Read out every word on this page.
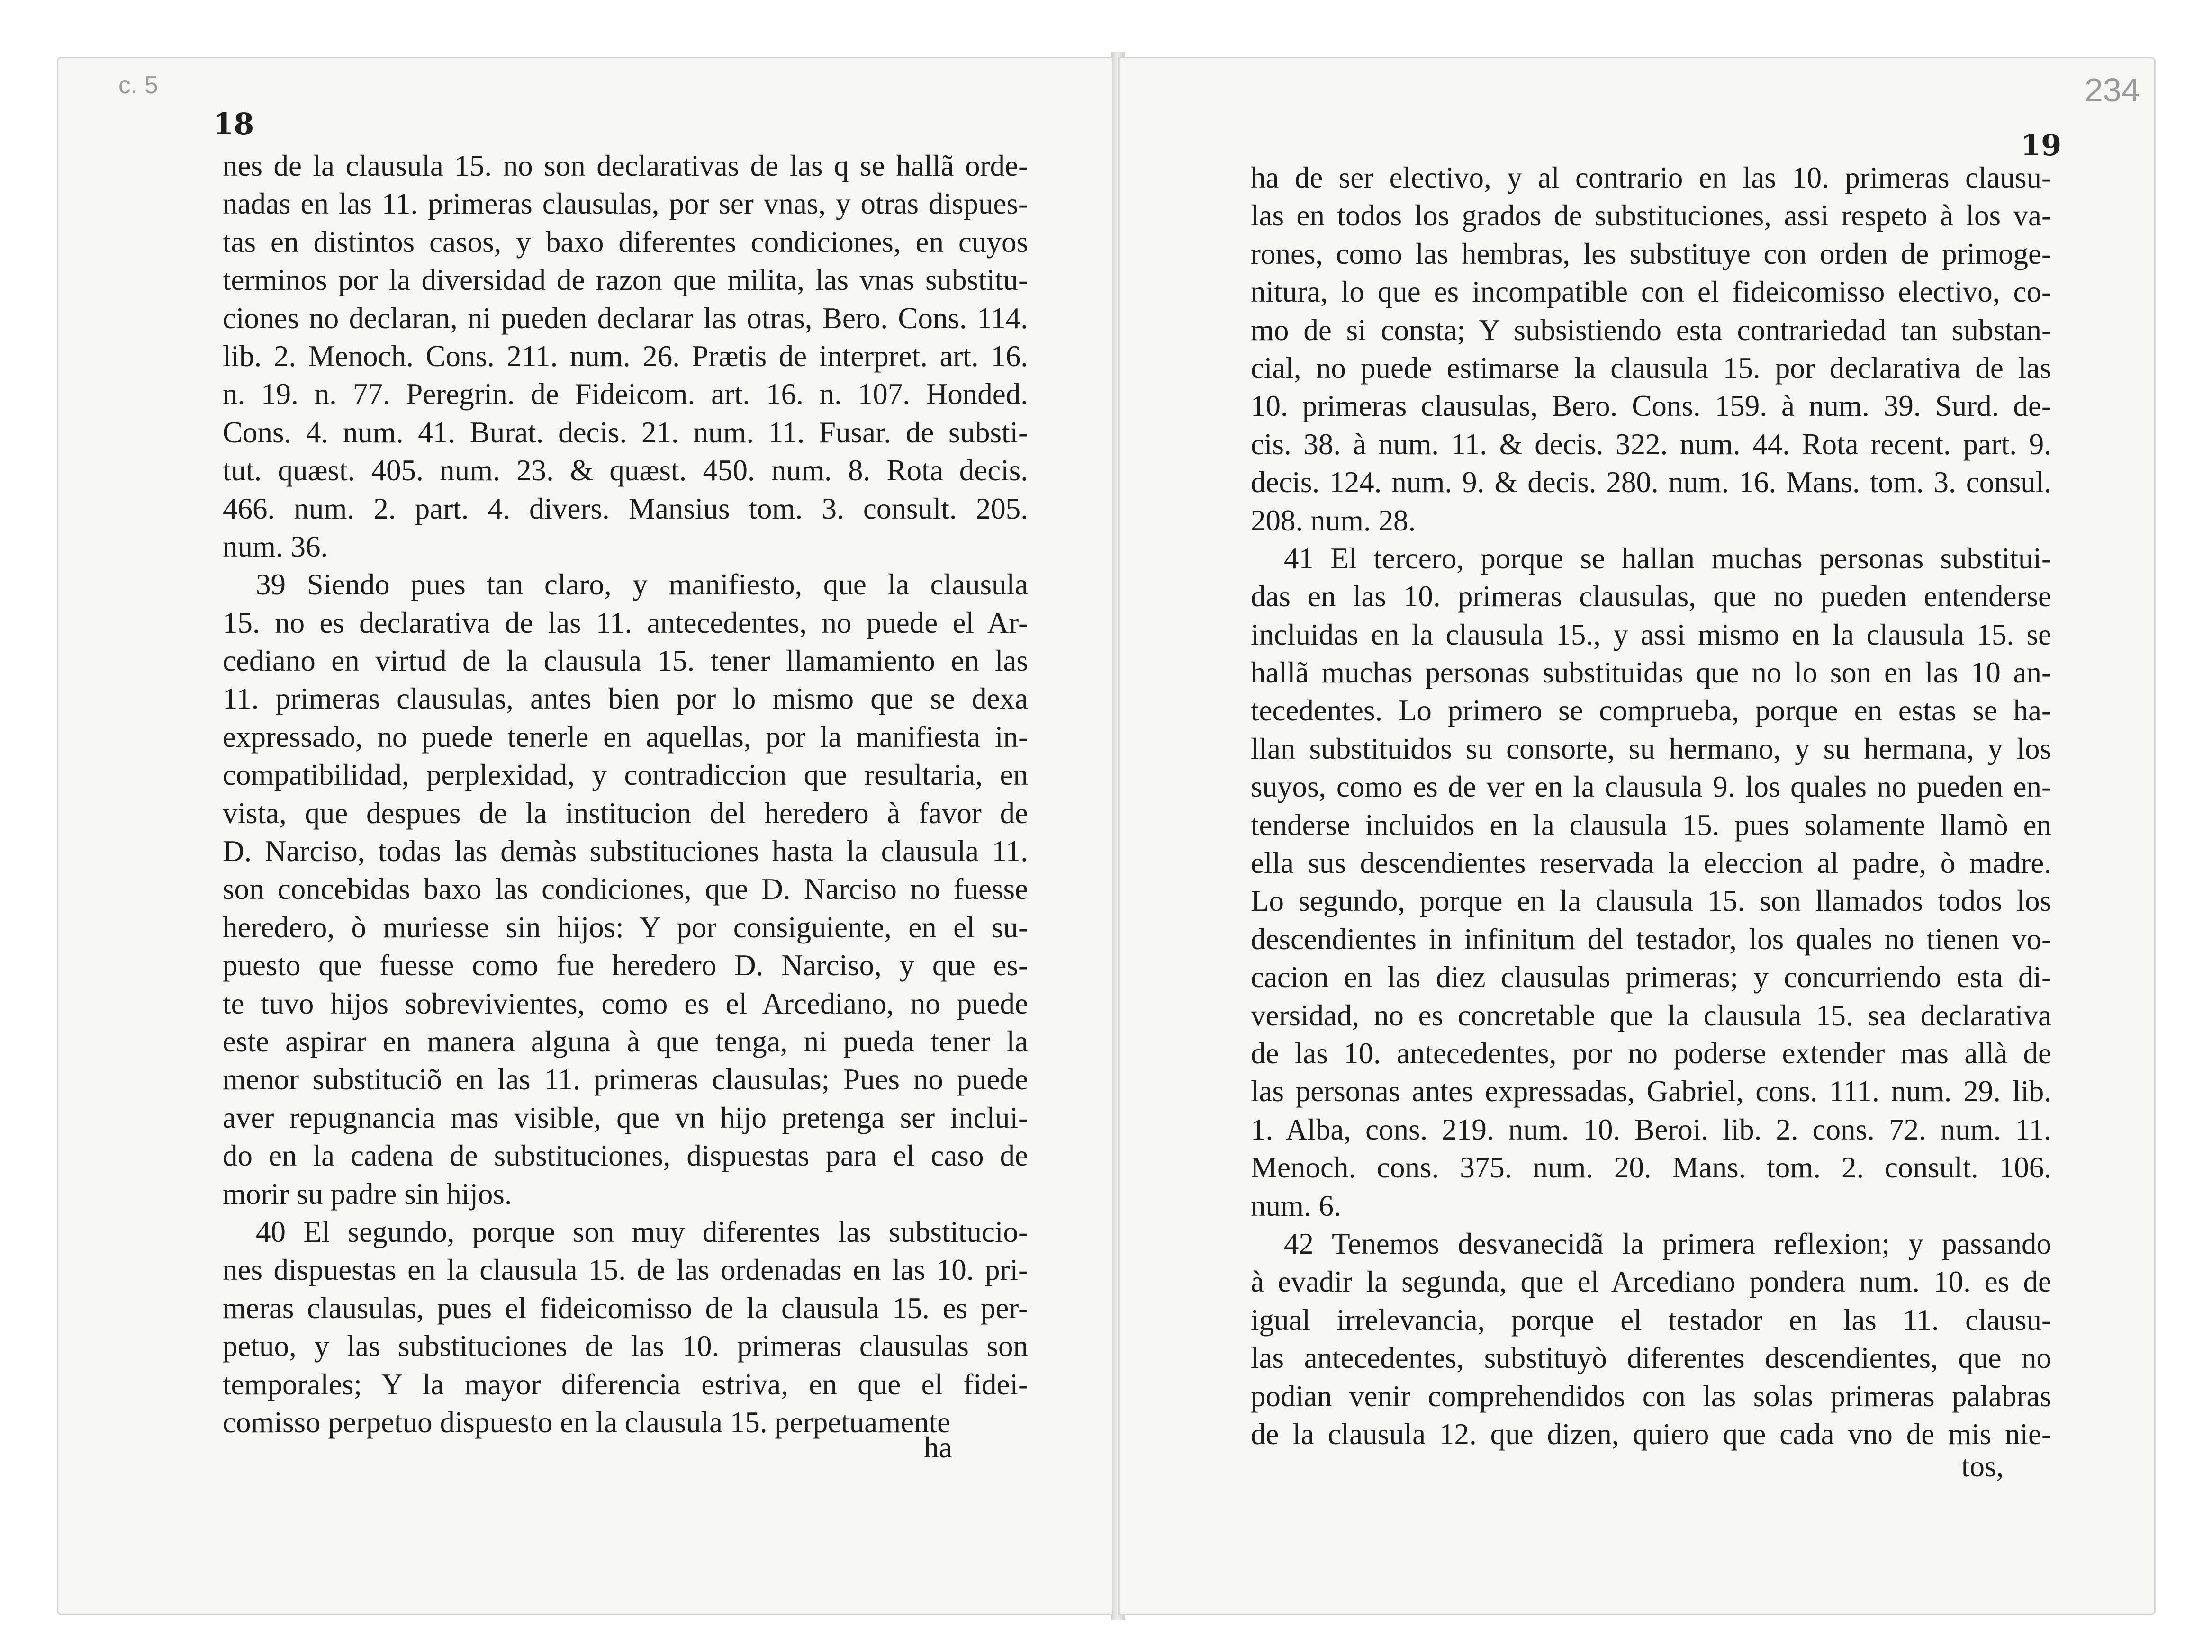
c. 5
18
19
234
nes de la clausula 15. no son declarativas de las q se hallã orde-
nadas en las 11. primeras clausulas, por ser vnas, y otras dispues-
tas en distintos casos, y baxo diferentes condiciones, en cuyos
terminos por la diversidad de razon que milita, las vnas substitu-
ciones no declaran, ni pueden declarar las otras, Bero. Cons. 114.
lib. 2. Menoch. Cons. 211. num. 26. Prætis de interpret. art. 16.
n. 19. n. 77. Peregrin. de Fideicom. art. 16. n. 107. Honded.
Cons. 4. num. 41. Burat. decis. 21. num. 11. Fusar. de substi-
tut. quæst. 405. num. 23. & quæst. 450. num. 8. Rota decis.
466. num. 2. part. 4. divers. Mansius tom. 3. consult. 205.
num. 36.
39 Siendo pues tan claro, y manifiesto, que la clausula
15. no es declarativa de las 11. antecedentes, no puede el Ar-
cediano en virtud de la clausula 15. tener llamamiento en las
11. primeras clausulas, antes bien por lo mismo que se dexa
expressado, no puede tenerle en aquellas, por la manifiesta in-
compatibilidad, perplexidad, y contradiccion que resultaria, en
vista, que despues de la institucion del heredero à favor de
D. Narciso, todas las demàs substituciones hasta la clausula 11.
son concebidas baxo las condiciones, que D. Narciso no fuesse
heredero, ò muriesse sin hijos: Y por consiguiente, en el su-
puesto que fuesse como fue heredero D. Narciso, y que es-
te tuvo hijos sobrevivientes, como es el Arcediano, no puede
este aspirar en manera alguna à que tenga, ni pueda tener la
menor substituciõ en las 11. primeras clausulas; Pues no puede
aver repugnancia mas visible, que vn hijo pretenga ser inclui-
do en la cadena de substituciones, dispuestas para el caso de
morir su padre sin hijos.
40 El segundo, porque son muy diferentes las substitucio-
nes dispuestas en la clausula 15. de las ordenadas en las 10. pri-
meras clausulas, pues el fideicomisso de la clausula 15. es per-
petuo, y las substituciones de las 10. primeras clausulas son
temporales; Y la mayor diferencia estriva, en que el fidei-
comisso perpetuo dispuesto en la clausula 15. perpetuamente
ha
ha de ser electivo, y al contrario en las 10. primeras clausu-
las en todos los grados de substituciones, assi respeto à los va-
rones, como las hembras, les substituye con orden de primoge-
nitura, lo que es incompatible con el fideicomisso electivo, co-
mo de si consta; Y subsistiendo esta contrariedad tan substan-
cial, no puede estimarse la clausula 15. por declarativa de las
10. primeras clausulas, Bero. Cons. 159. à num. 39. Surd. de-
cis. 38. à num. 11. & decis. 322. num. 44. Rota recent. part. 9.
decis. 124. num. 9. & decis. 280. num. 16. Mans. tom. 3. consul.
208. num. 28.
41 El tercero, porque se hallan muchas personas substitui-
das en las 10. primeras clausulas, que no pueden entenderse
incluidas en la clausula 15., y assi mismo en la clausula 15. se
hallã muchas personas substituidas que no lo son en las 10 an-
tecedentes. Lo primero se comprueba, porque en estas se ha-
llan substituidos su consorte, su hermano, y su hermana, y los
suyos, como es de ver en la clausula 9. los quales no pueden en-
tenderse incluidos en la clausula 15. pues solamente llamò en
ella sus descendientes reservada la eleccion al padre, ò madre.
Lo segundo, porque en la clausula 15. son llamados todos los
descendientes in infinitum del testador, los quales no tienen vo-
cacion en las diez clausulas primeras; y concurriendo esta di-
versidad, no es concretable que la clausula 15. sea declarativa
de las 10. antecedentes, por no poderse extender mas allà de
las personas antes expressadas, Gabriel, cons. 111. num. 29. lib.
1. Alba, cons. 219. num. 10. Beroi. lib. 2. cons. 72. num. 11.
Menoch. cons. 375. num. 20. Mans. tom. 2. consult. 106.
num. 6.
42 Tenemos desvanecidã la primera reflexion; y passando
à evadir la segunda, que el Arcediano pondera num. 10. es de
igual irrelevancia, porque el testador en las 11. clausu-
las antecedentes, substituyò diferentes descendientes, que no
podian venir comprehendidos con las solas primeras palabras
de la clausula 12. que dizen, quiero que cada vno de mis nie-
tos,
